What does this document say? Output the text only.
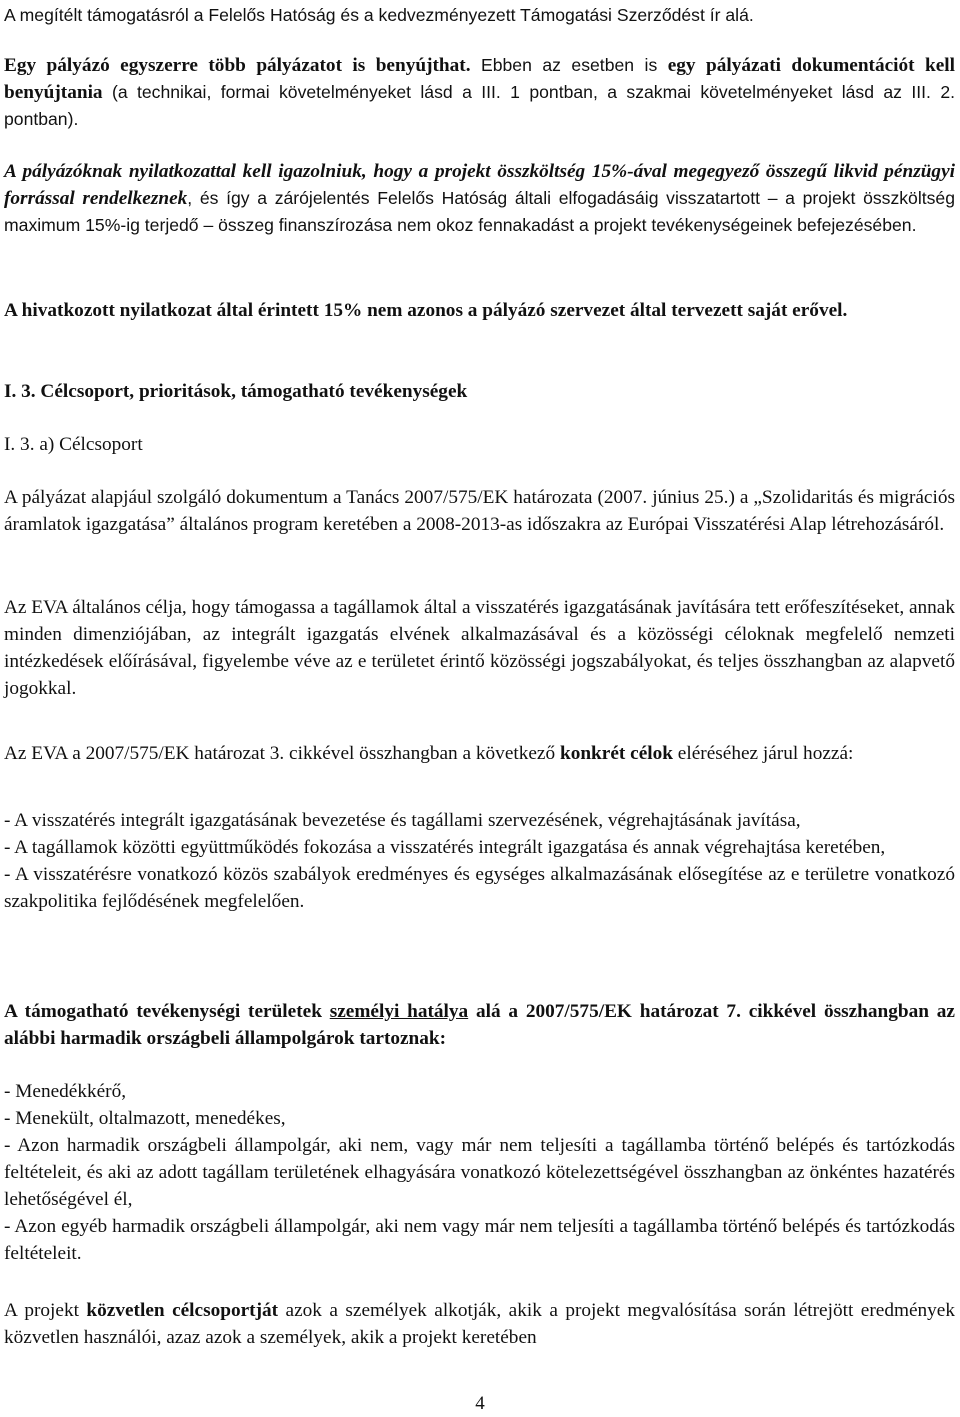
A megítélt támogatásról a Felelős Hatóság és a kedvezményezett Támogatási Szerződést ír alá.

Egy pályázó egyszerre több pályázatot is benyújthat. Ebben az esetben is egy pályázati dokumentációt kell benyújtania (a technikai, formai követelményeket lásd a III. 1 pontban, a szakmai követelményeket lásd az III. 2. pontban).

A pályázóknak nyilatkozattal kell igazolniuk, hogy a projekt összköltség 15%-ával megegyező összegű likvid pénzügyi forrással rendelkeznek, és így a zárójelentés Felelős Hatóság általi elfogadásáig visszatartott – a projekt összköltség maximum 15%-ig terjedő – összeg finanszírozása nem okoz fennakadást a projekt tevékenységeinek befejezésében.

A hivatkozott nyilatkozat által érintett 15% nem azonos a pályázó szervezet által tervezett saját erővel.

I. 3. Célcsoport, prioritások, támogatható tevékenységek

I. 3. a) Célcsoport

A pályázat alapjául szolgáló dokumentum a Tanács 2007/575/EK határozata (2007. június 25.) a „Szolidaritás és migrációs áramlatok igazgatása” általános program keretében a 2008-2013-as időszakra az Európai Visszatérési Alap létrehozásáról.

Az EVA általános célja, hogy támogassa a tagállamok által a visszatérés igazgatásának javítására tett erőfeszítéseket, annak minden dimenziójában, az integrált igazgatás elvének alkalmazásával és a közösségi céloknak megfelelő nemzeti intézkedések előírásával, figyelembe véve az e területet érintő közösségi jogszabályokat, és teljes összhangban az alapvető jogokkal.

Az EVA a 2007/575/EK határozat 3. cikkével összhangban a következő konkrét célok eléréséhez járul hozzá:

- A visszatérés integrált igazgatásának bevezetése és tagállami szervezésének, végrehajtásának javítása,
- A tagállamok közötti együttműködés fokozása a visszatérés integrált igazgatása és annak végrehajtása keretében,
- A visszatérésre vonatkozó közös szabályok eredményes és egységes alkalmazásának elősegítése az e területre vonatkozó szakpolitika fejlődésének megfelelően.

A támogatható tevékenységi területek személyi hatálya alá a 2007/575/EK határozat 7. cikkével összhangban az alábbi harmadik országbeli állampolgárok tartoznak:

- Menedékkérő,
- Menekült, oltalmazott, menedékes,
- Azon harmadik országbeli állampolgár, aki nem, vagy már nem teljesíti a tagállamba történő belépés és tartózkodás feltételeit, és aki az adott tagállam területének elhagyására vonatkozó kötelezettségével összhangban az önkéntes hazatérés lehetőségével él,
- Azon egyéb harmadik országbeli állampolgár, aki nem vagy már nem teljesíti a tagállamba történő belépés és tartózkodás feltételeit.

A projekt közvetlen célcsoportját azok a személyek alkotják, akik a projekt megvalósítása során létrejött eredmények közvetlen használói, azaz azok a személyek, akik a projekt keretében

4
